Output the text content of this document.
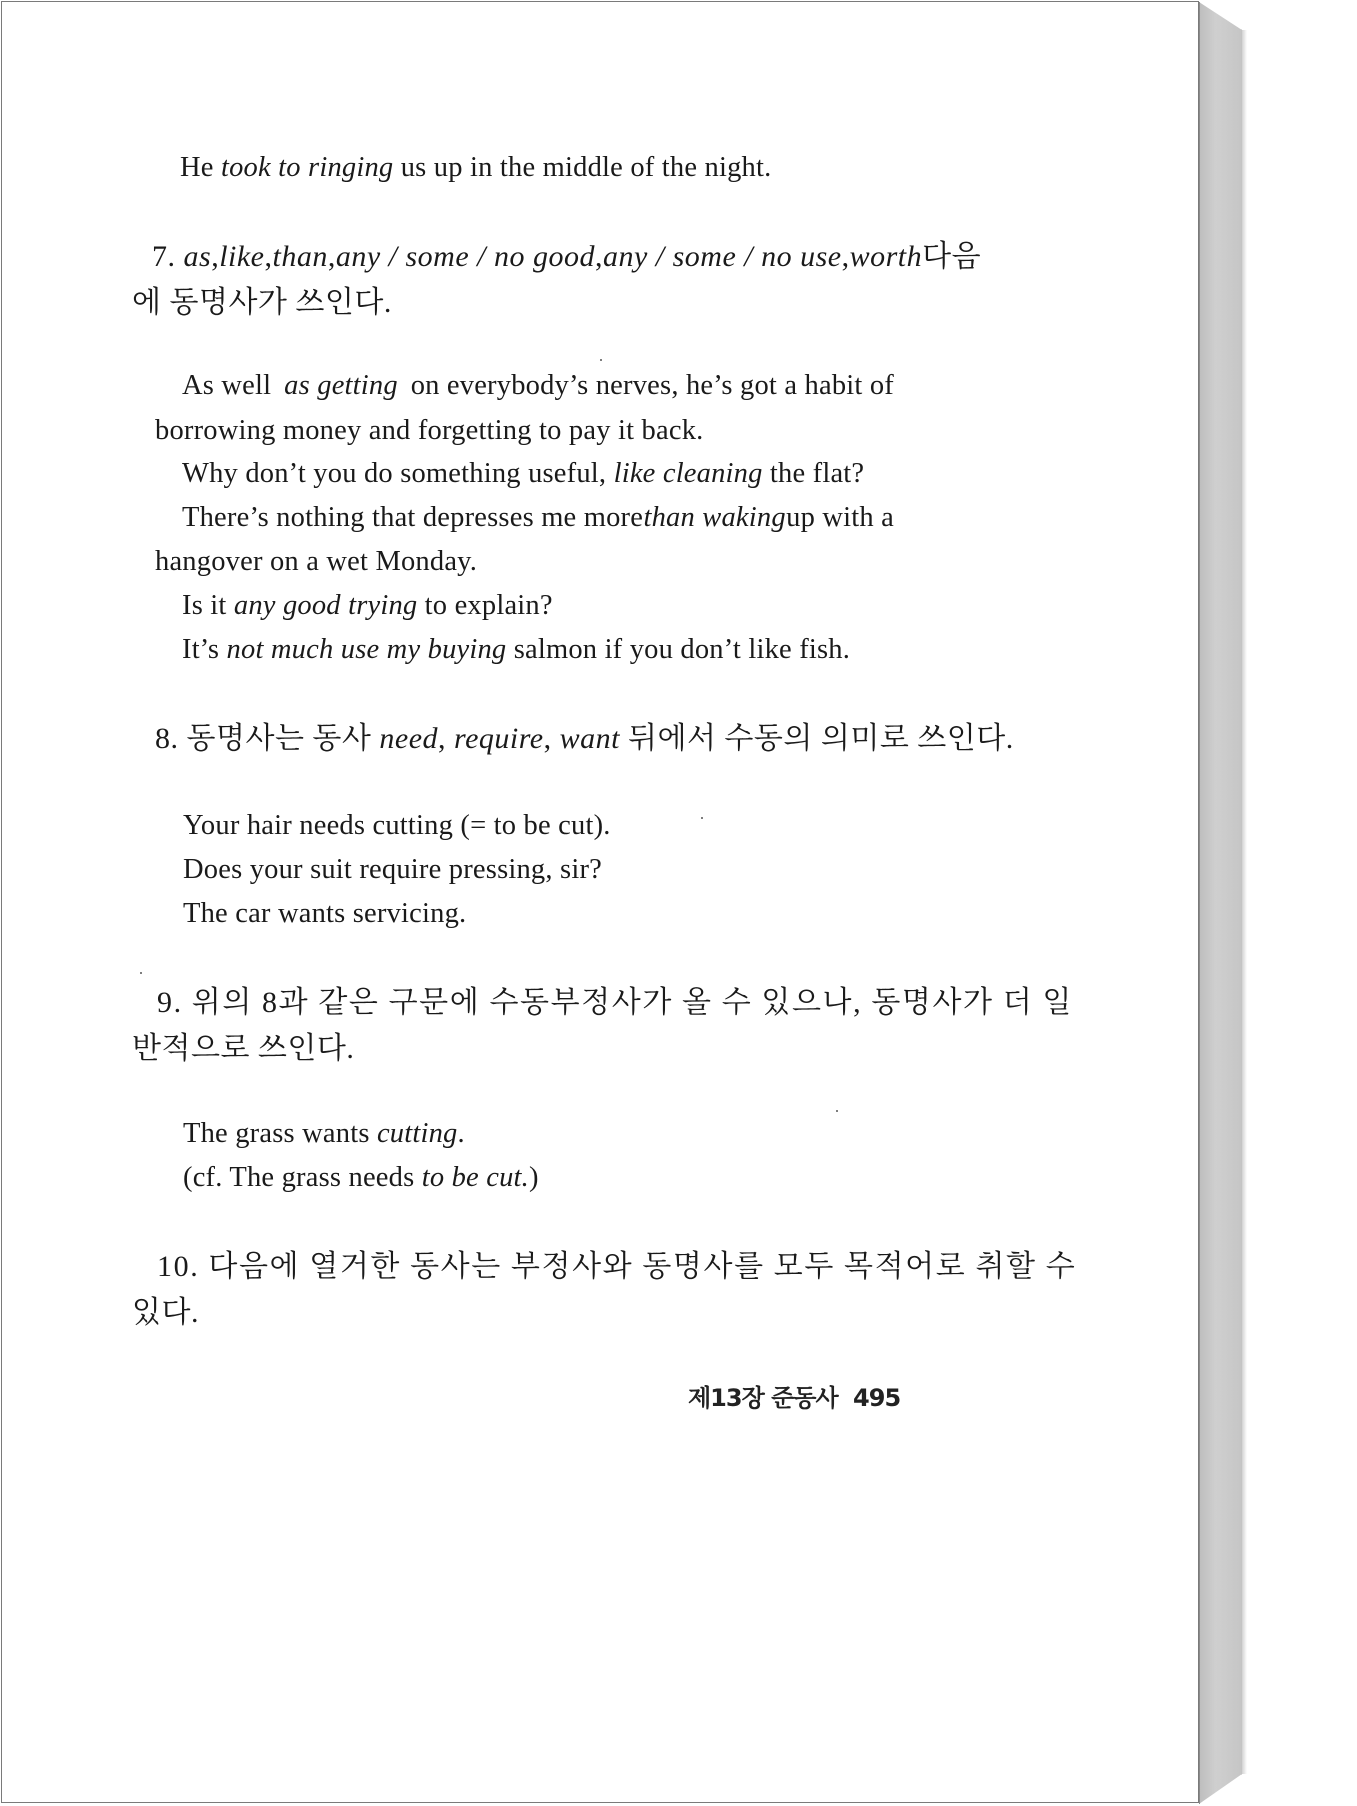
He took to ringing us up in the middle of the night.
7. as, like, than, any / some / no good, any / some / no use, worth 다음
에 동명사가 쓰인다.
As well as getting on everybody’s nerves, he’s got a habit of
borrowing money and forgetting to pay it back.
Why don’t you do something useful, like cleaning the flat?
There’s nothing that depresses me more than waking up with a
hangover on a wet Monday.
Is it any good trying to explain?
It’s not much use my buying salmon if you don’t like fish.
8. 동명사는 동사 need, require, want 뒤에서 수동의 의미로 쓰인다.
Your hair needs cutting (= to be cut).
Does your suit require pressing, sir?
The car wants servicing.
9. 위의 8과 같은 구문에 수동부정사가 올 수 있으나, 동명사가 더 일
반적으로 쓰인다.
The grass wants cutting.
(cf. The grass needs to be cut.)
10. 다음에 열거한 동사는 부정사와 동명사를 모두 목적어로 취할 수
있다.
제13장 준동사 495
